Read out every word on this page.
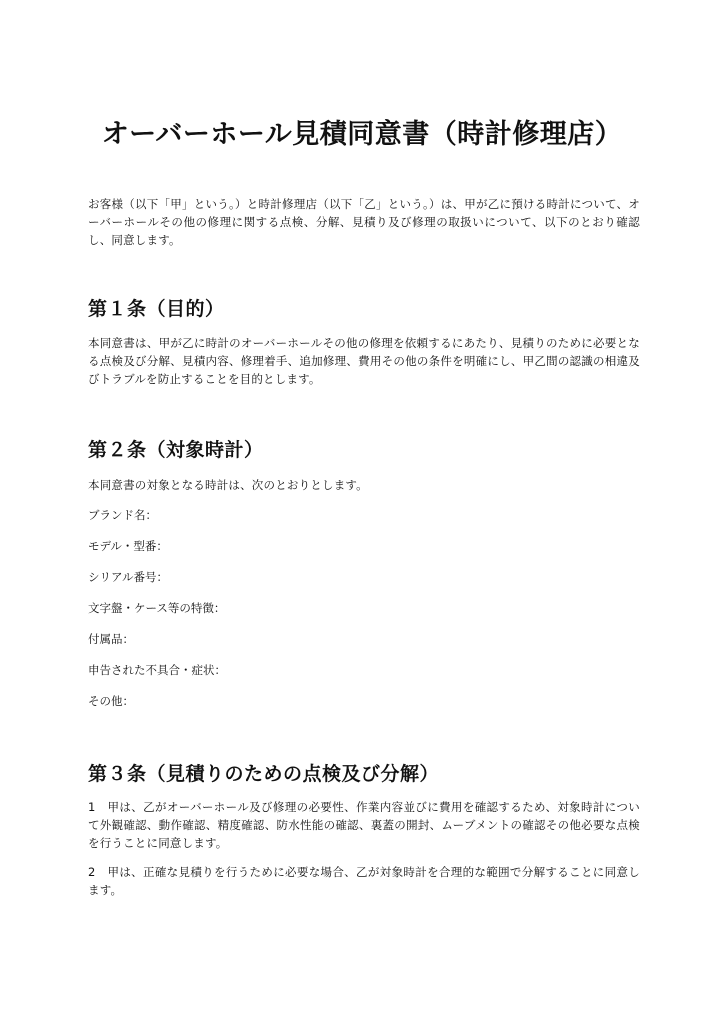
オーバーホール見積同意書（時計修理店）

お客様（以下「甲」という。）と時計修理店（以下「乙」という。）は、甲が乙に預ける時計について、オーバーホールその他の修理に関する点検、分解、見積り及び修理の取扱いについて、以下のとおり確認し、同意します。

第１条（目的）

本同意書は、甲が乙に時計のオーバーホールその他の修理を依頼するにあたり、見積りのために必要となる点検及び分解、見積内容、修理着手、追加修理、費用その他の条件を明確にし、甲乙間の認識の相違及びトラブルを防止することを目的とします。

第２条（対象時計）

本同意書の対象となる時計は、次のとおりとします。

ブランド名：

モデル・型番：

シリアル番号：

文字盤・ケース等の特徴：

付属品：

申告された不具合・症状：

その他：

第３条（見積りのための点検及び分解）

1　甲は、乙がオーバーホール及び修理の必要性、作業内容並びに費用を確認するため、対象時計について外観確認、動作確認、精度確認、防水性能の確認、裏蓋の開封、ムーブメントの確認その他必要な点検を行うことに同意します。

2　甲は、正確な見積りを行うために必要な場合、乙が対象時計を合理的な範囲で分解することに同意します。
